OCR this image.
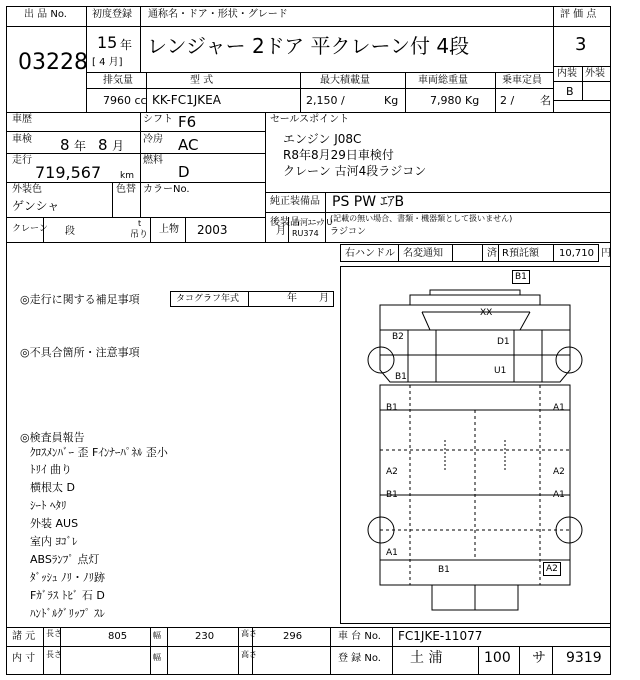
出 品 No.
03228
初度登録
15 年
[ 4 月]
通称名・ドア・形状・グレード
レンジャー 2ドア 平クレーン付 4段
評 価 点
3
内装 外装
B
排気量
7960 cc
型 式
KK-FC1JKEA
最大積載量
2,150 /	Kg
車両総重量
7,980 Kg
乗車定員
2 / 名
車歴	シフト F6
車検 8 年 8 月 冷房 AC
走行
719,567 km
燃料
D
外装色
ゲンシャ
色替 カラーNo.
クレーン 段
t
吊り 上物 2003	月
古河ﾕﾆｯｸ U
RU374
セールスポイント
エンジン J08C
R8年8月29日車検付
クレーン 古河4段ラジコン
純正装備品 PS PW ｴｱB
後装品	(記載の無い場合、書類・機器類として扱いません)
ラジコン
右ハンドル 名変通知	済 R預託額 10,710 円
◎走行に関する補足事項	タコグラフ年式	年 月
◎不具合箇所・注意事項
◎検査員報告
ｸﾛｽﾒﾝﾊﾞｰ 歪 Fｲﾝﾅｰﾊﾟﾈﾙ 歪小
ﾄﾘｲ 曲り
横根太 D
ｼｰﾄ ﾍﾀﾘ
外装 AUS
室内 ﾖｺﾞﾚ
ABSﾗﾝﾌﾟ 点灯
ﾀﾞｯｼｭ ﾉﾘ・ﾉﾘ跡
Fｶﾞﾗｽ ﾄﾋﾞ 石 D
ﾊﾝﾄﾞﾙｸﾞﾘｯﾌﾟ ｽﾚ
B1
XX
B2	D1
B1
U1
B1	A1
B1	A1
A2	A2
A1
B1	A2
諸 元 長さ	805	幅	230	高さ	296	車 台 No. FC1JKE-11077
内 寸 長さ	幅	高さ	登 録 No. 土 浦	100 サ 9319
